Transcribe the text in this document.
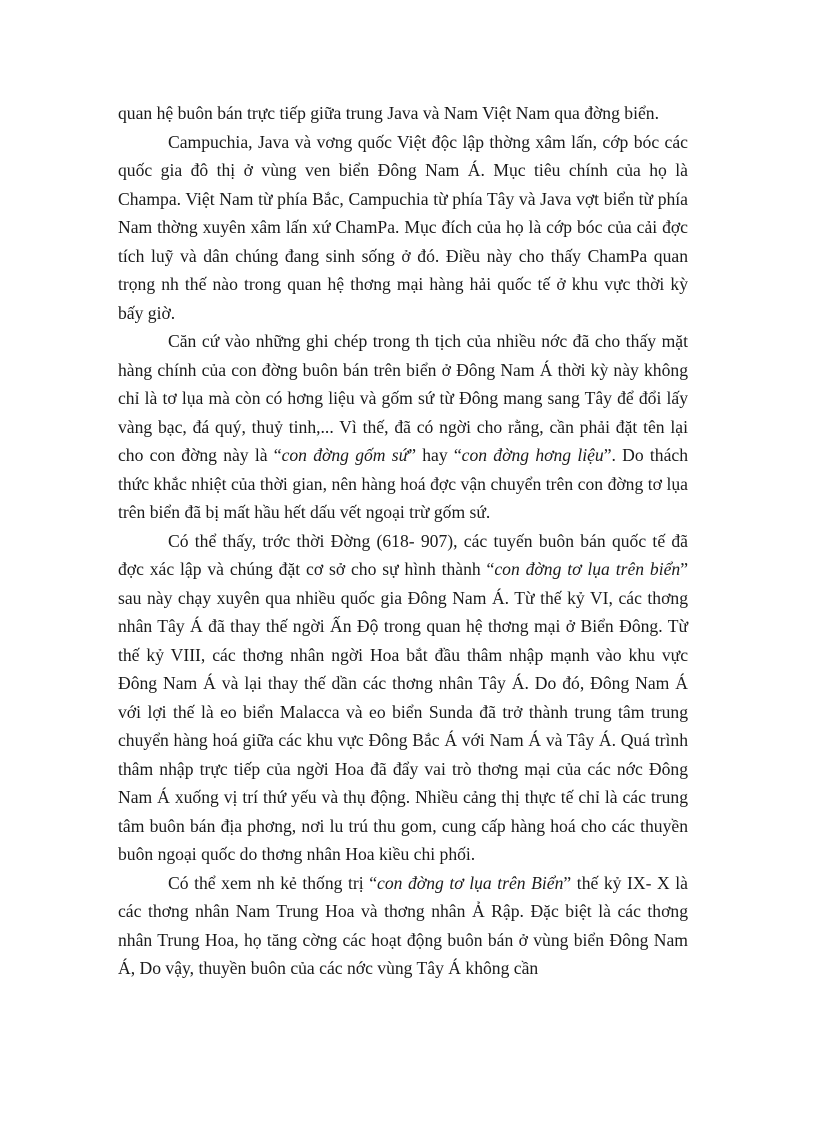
quan hệ buôn bán trực tiếp giữa trung Java và Nam Việt Nam qua đờng biển.

Campuchia, Java và vơng quốc Việt độc lập thờng xâm lấn, cớp bóc các quốc gia đô thị ở vùng ven biển Đông Nam Á. Mục tiêu chính của họ là Champa. Việt Nam từ phía Bắc, Campuchia từ phía Tây và Java vợt biển từ phía Nam thờng xuyên xâm lấn xứ ChamPa. Mục đích của họ là cớp bóc của cải đợc tích luỹ và dân chúng đang sinh sống ở đó. Điều này cho thấy ChamPa quan trọng nh thế nào trong quan hệ thơng mại hàng hải quốc tế ở khu vực thời kỳ bấy giờ.

Căn cứ vào những ghi chép trong th tịch của nhiều nớc đã cho thấy mặt hàng chính của con đờng buôn bán trên biển ở Đông Nam Á thời kỳ này không chỉ là tơ lụa mà còn có hơng liệu và gốm sứ từ Đông mang sang Tây để đổi lấy vàng bạc, đá quý, thuỷ tinh,... Vì thế, đã có ngời cho rằng, cần phải đặt tên lại cho con đờng này là “con đờng gốm sứ” hay “con đờng hơng liệu”. Do thách thức khắc nhiệt của thời gian, nên hàng hoá đợc vận chuyển trên con đờng tơ lụa trên biển đã bị mất hầu hết dấu vết ngoại trừ gốm sứ.

Có thể thấy, trớc thời Đờng (618- 907), các tuyến buôn bán quốc tế đã đợc xác lập và chúng đặt cơ sở cho sự hình thành “con đờng tơ lụa trên biển” sau này chạy xuyên qua nhiều quốc gia Đông Nam Á. Từ thế kỷ VI, các thơng nhân Tây Á đã thay thế ngời Ấn Độ trong quan hệ thơng mại ở Biển Đông. Từ thế kỷ VIII, các thơng nhân ngời Hoa bắt đầu thâm nhập mạnh vào khu vực Đông Nam Á và lại thay thế dần các thơng nhân Tây Á. Do đó, Đông Nam Á với lợi thế là eo biển Malacca và eo biển Sunda đã trở thành trung tâm trung chuyển hàng hoá giữa các khu vực Đông Bắc Á với Nam Á và Tây Á. Quá trình thâm nhập trực tiếp của ngời Hoa đã đẩy vai trò thơng mại của các nớc Đông Nam Á xuống vị trí thứ yếu và thụ động. Nhiều cảng thị thực tế chỉ là các trung tâm buôn bán địa phơng, nơi lu trú thu gom, cung cấp hàng hoá cho các thuyền buôn ngoại quốc do thơng nhân Hoa kiều chi phối.

Có thể xem nh kẻ thống trị “con đờng tơ lụa trên Biển” thế kỷ IX- X là các thơng nhân Nam Trung Hoa và thơng nhân Ả Rập. Đặc biệt là các thơng nhân Trung Hoa, họ tăng cờng các hoạt động buôn bán ở vùng biển Đông Nam Á, Do vậy, thuyền buôn của các nớc vùng Tây Á không cần
